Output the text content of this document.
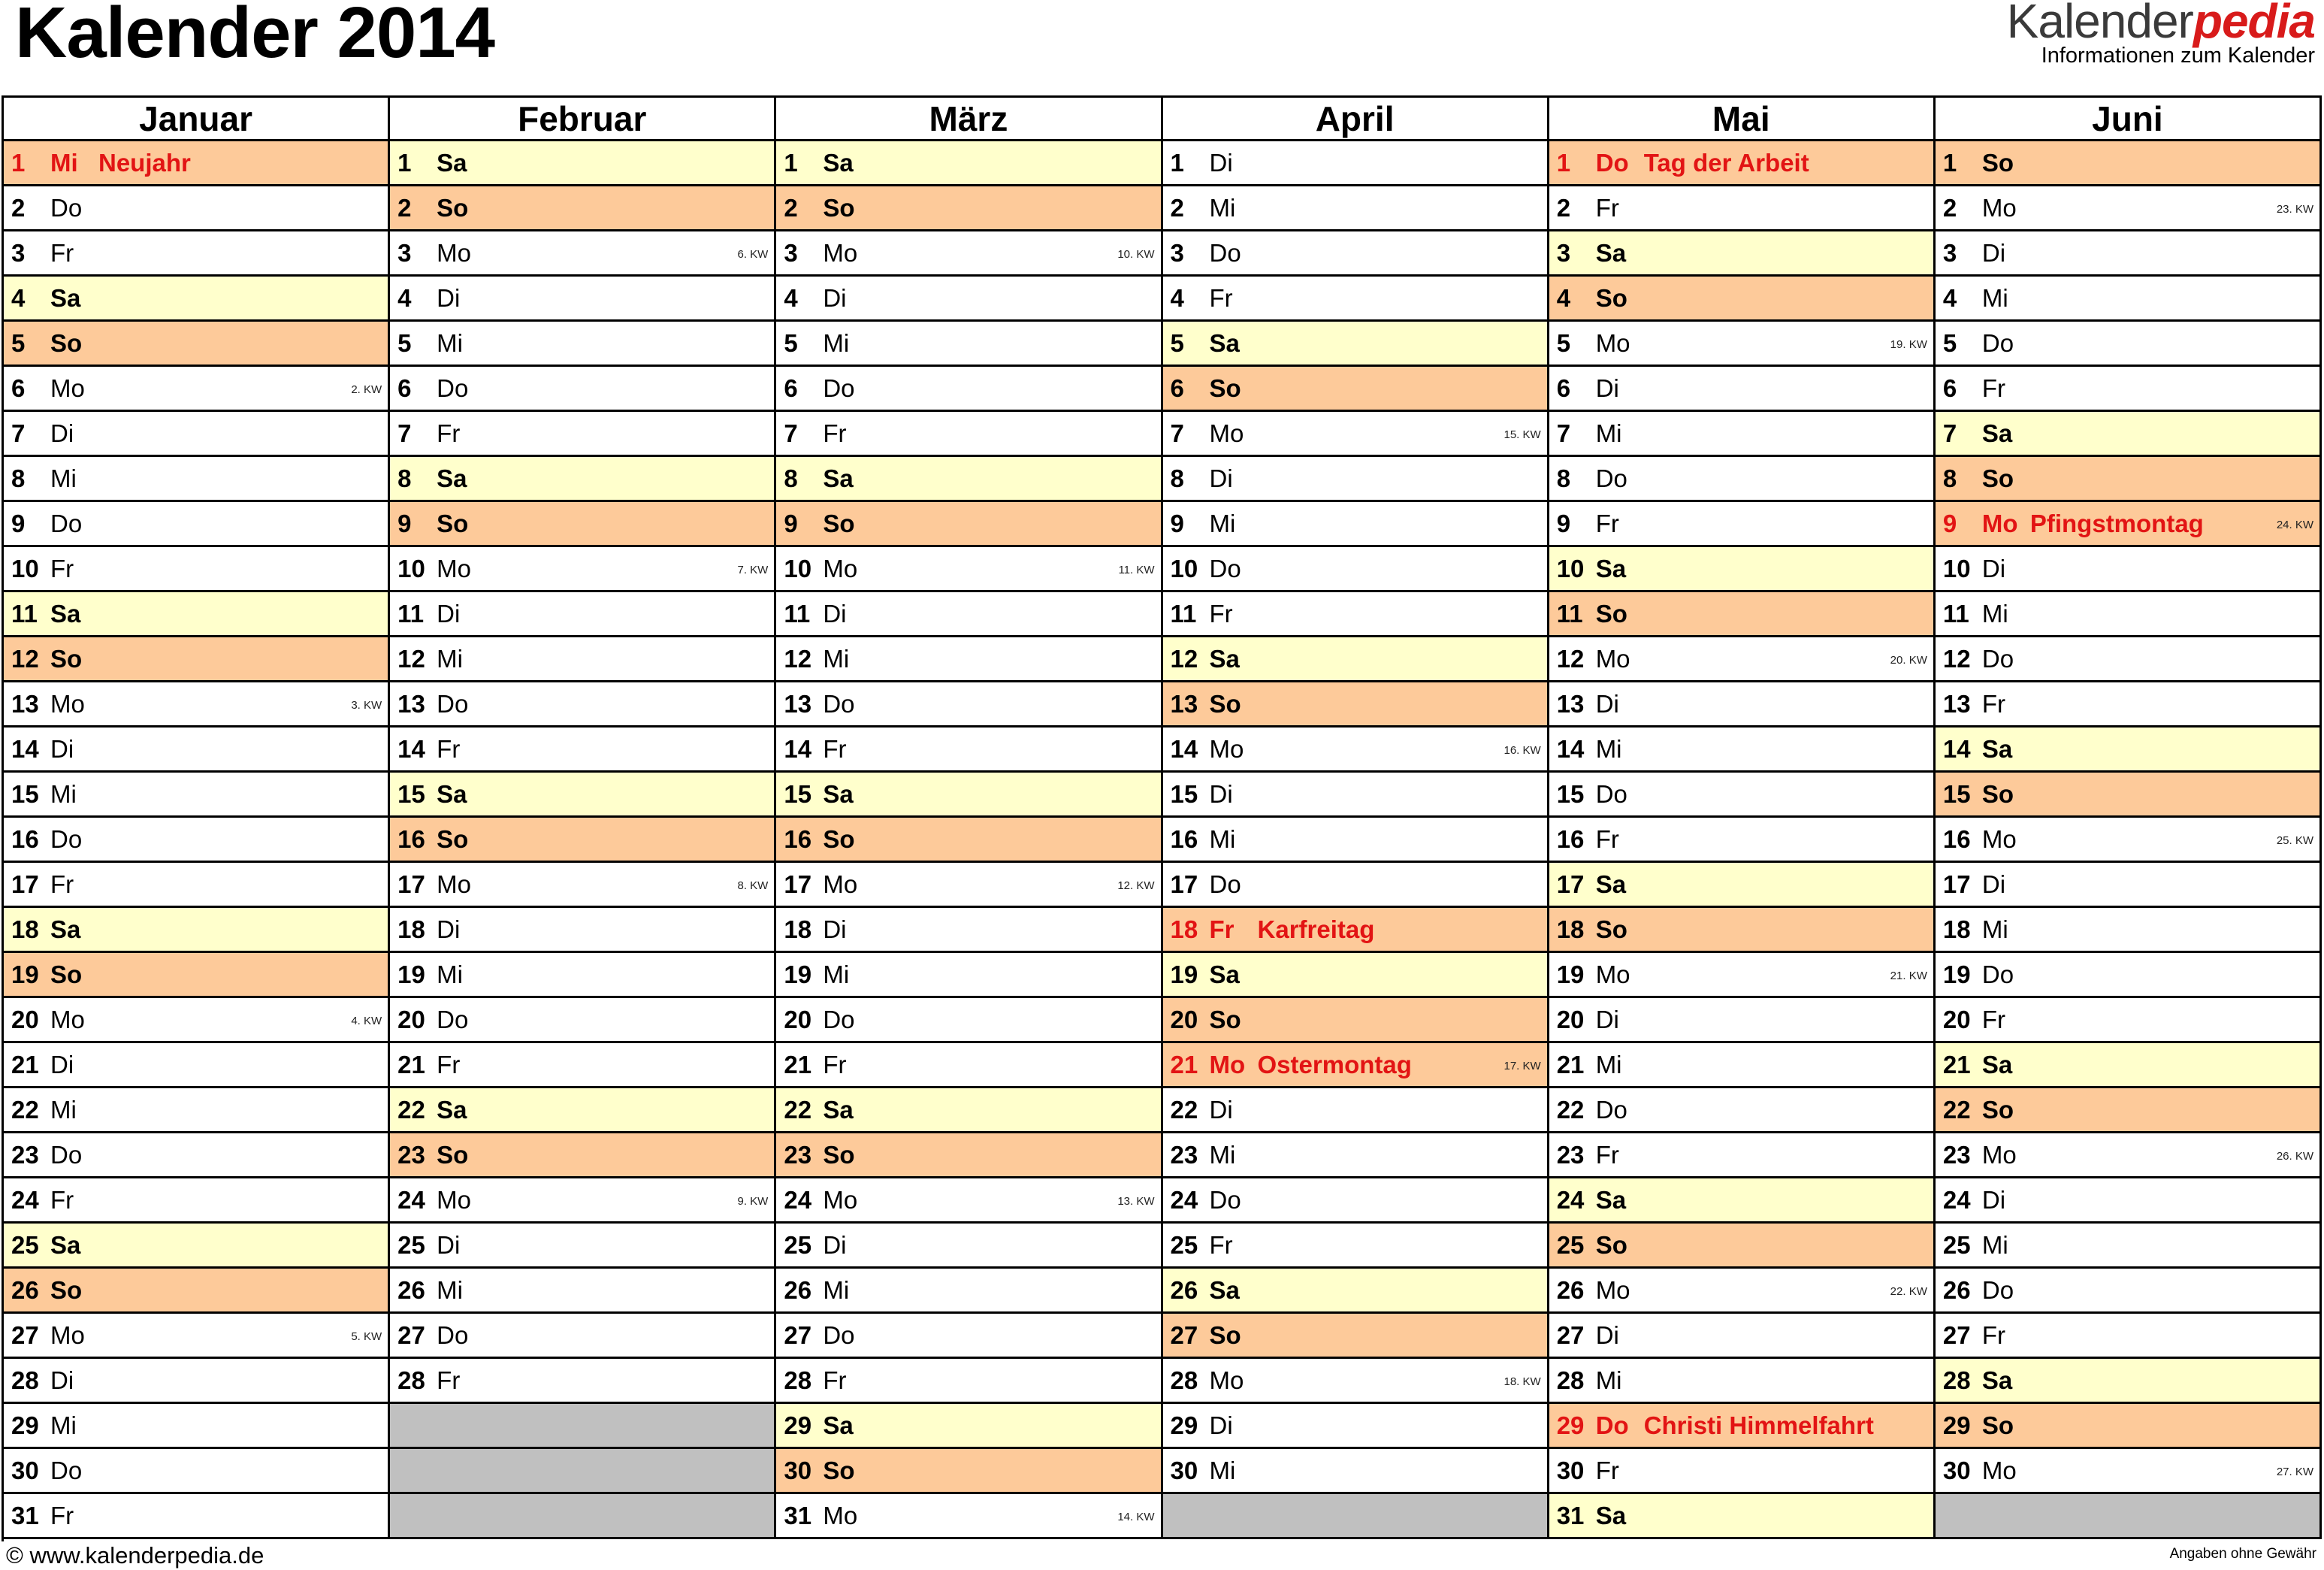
Kalender 2014	Kalenderpedia
Informationen zum Kalender
Januar
1	Mi Neujahr
2	Do
3	Fr
4	Sa
5	So
6	Mo	2. KW
7	Di
8	Mi
9	Do
10 Fr
11 Sa
12 So
13 Mo	3. KW
14 Di
15 Mi
16 Do
17 Fr
18 Sa
19 So
20 Mo	4. KW
21 Di
22 Mi
23 Do
24 Fr
25 Sa
26 So
27 Mo	5. KW
28 Di
29 Mi
30 Do
31 Fr
Februar
1	Sa
2	So
3	Mo	6. KW
4	Di
5	Mi
6	Do
7	Fr
8	Sa
9	So
10 Mo	7. KW
11 Di
12 Mi
13 Do
14 Fr
15 Sa
16 So
17 Mo	8. KW
18 Di
19 Mi
20 Do
21 Fr
22 Sa
23 So
24 Mo	9. KW
25 Di
26 Mi
27 Do
28 Fr
März
1	Sa
2	So
3	Mo	10. KW
4	Di
5	Mi
6	Do
7	Fr
8	Sa
9	So
10 Mo	11. KW
11 Di
12 Mi
13 Do
14 Fr
15 Sa
16 So
17 Mo	12. KW
18 Di
19 Mi
20 Do
21 Fr
22 Sa
23 So
24 Mo	13. KW
25 Di
26 Mi
27 Do
28 Fr
29 Sa
30 So
31 Mo	14. KW
April
1	Di
2	Mi
3	Do
4	Fr
5	Sa
6	So
7	Mo	15. KW
8	Di
9	Mi
10 Do
11 Fr
12 Sa
13 So
14 Mo	16. KW
15 Di
16 Mi
17 Do
18 Fr Karfreitag
19 Sa
20 So
21 Mo Ostermontag	17. KW
22 Di
23 Mi
24 Do
25 Fr
26 Sa
27 So
28 Mo	18. KW
29 Di
30 Mi
Mai
1	Do Tag der Arbeit
2	Fr
3	Sa
4	So
5	Mo	19. KW
6	Di
7	Mi
8	Do
9	Fr
10 Sa
11 So
12 Mo	20. KW
13 Di
14 Mi
15 Do
16 Fr
17 Sa
18 So
19 Mo	21. KW
20 Di
21 Mi
22 Do
23 Fr
24 Sa
25 So
26 Mo	22. KW
27 Di
28 Mi
29 Do Christi Himmelfahrt
30 Fr
31 Sa
Juni
1	So
2	Mo	23. KW
3	Di
4	Mi
5	Do
6	Fr
7	Sa
8	So
9	Mo Pfingstmontag	24. KW
10 Di
11 Mi
12 Do
13 Fr
14 Sa
15 So
16 Mo	25. KW
17 Di
18 Mi
19 Do
20 Fr
21 Sa
22 So
23 Mo	26. KW
24 Di
25 Mi
26 Do
27 Fr
28 Sa
29 So
30 Mo	27. KW
© www.kalenderpedia.de	Angaben ohne Gewähr
